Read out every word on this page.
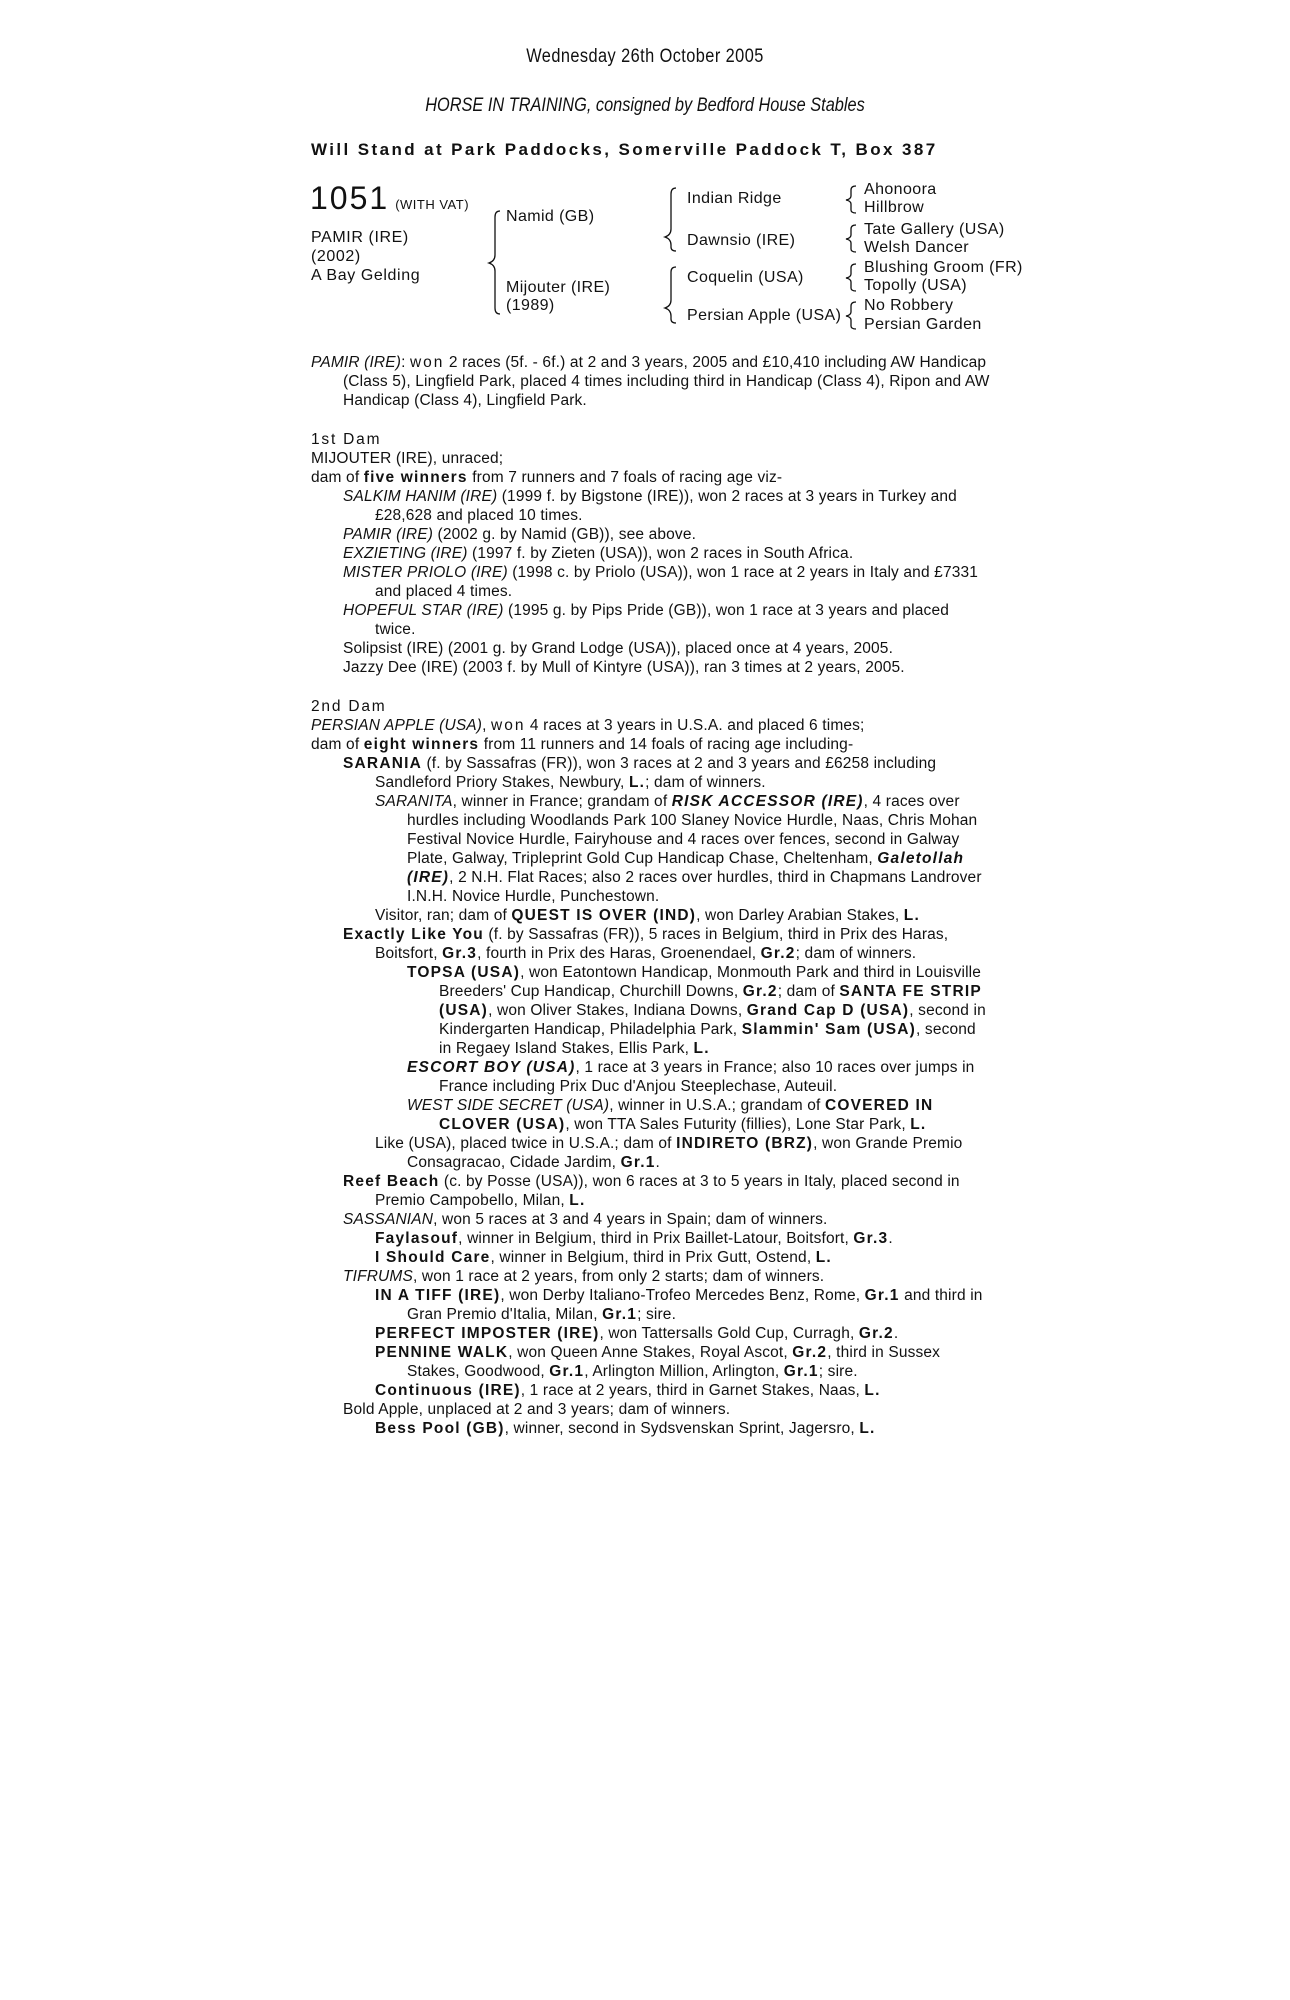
Wednesday 26th October 2005
HORSE IN TRAINING, consigned by Bedford House Stables
Will Stand at Park Paddocks, Somerville Paddock T, Box 387
1051 (WITH VAT)
PAMIR (IRE)
(2002)
A Bay Gelding
Namid (GB)
Mijouter (IRE)
(1989)
Indian Ridge
Dawnsio (IRE)
Coquelin (USA)
Persian Apple (USA)
Ahonoora
Hillbrow
Tate Gallery (USA)
Welsh Dancer
Blushing Groom (FR)
Topolly (USA)
No Robbery
Persian Garden

PAMIR (IRE): won 2 races (5f. - 6f.) at 2 and 3 years, 2005 and £10,410 including AW Handicap (Class 5), Lingfield Park, placed 4 times including third in Handicap (Class 4), Ripon and AW Handicap (Class 4), Lingfield Park.

1st Dam

MIJOUTER (IRE), unraced;

dam of five winners from 7 runners and 7 foals of racing age viz-

SALKIM HANIM (IRE) (1999 f. by Bigstone (IRE)), won 2 races at 3 years in Turkey and £28,628 and placed 10 times.

PAMIR (IRE) (2002 g. by Namid (GB)), see above.

EXZIETING (IRE) (1997 f. by Zieten (USA)), won 2 races in South Africa.

MISTER PRIOLO (IRE) (1998 c. by Priolo (USA)), won 1 race at 2 years in Italy and £7331 and placed 4 times.

HOPEFUL STAR (IRE) (1995 g. by Pips Pride (GB)), won 1 race at 3 years and placed twice.

Solipsist (IRE) (2001 g. by Grand Lodge (USA)), placed once at 4 years, 2005.

Jazzy Dee (IRE) (2003 f. by Mull of Kintyre (USA)), ran 3 times at 2 years, 2005.

2nd Dam

PERSIAN APPLE (USA), won 4 races at 3 years in U.S.A. and placed 6 times;

dam of eight winners from 11 runners and 14 foals of racing age including-

SARANIA (f. by Sassafras (FR)), won 3 races at 2 and 3 years and £6258 including Sandleford Priory Stakes, Newbury, L.; dam of winners.

SARANITA, winner in France; grandam of RISK ACCESSOR (IRE), 4 races over hurdles including Woodlands Park 100 Slaney Novice Hurdle, Naas, Chris Mohan Festival Novice Hurdle, Fairyhouse and 4 races over fences, second in Galway Plate, Galway, Tripleprint Gold Cup Handicap Chase, Cheltenham, Galetollah (IRE), 2 N.H. Flat Races; also 2 races over hurdles, third in Chapmans Landrover I.N.H. Novice Hurdle, Punchestown.

Visitor, ran; dam of QUEST IS OVER (IND), won Darley Arabian Stakes, L.

Exactly Like You (f. by Sassafras (FR)), 5 races in Belgium, third in Prix des Haras, Boitsfort, Gr.3, fourth in Prix des Haras, Groenendael, Gr.2; dam of winners.

TOPSA (USA), won Eatontown Handicap, Monmouth Park and third in Louisville Breeders' Cup Handicap, Churchill Downs, Gr.2; dam of SANTA FE STRIP (USA), won Oliver Stakes, Indiana Downs, Grand Cap D (USA), second in Kindergarten Handicap, Philadelphia Park, Slammin' Sam (USA), second in Regaey Island Stakes, Ellis Park, L.

ESCORT BOY (USA), 1 race at 3 years in France; also 10 races over jumps in France including Prix Duc d'Anjou Steeplechase, Auteuil.

WEST SIDE SECRET (USA), winner in U.S.A.; grandam of COVERED IN CLOVER (USA), won TTA Sales Futurity (fillies), Lone Star Park, L.

Like (USA), placed twice in U.S.A.; dam of INDIRETO (BRZ), won Grande Premio Consagracao, Cidade Jardim, Gr.1.

Reef Beach (c. by Posse (USA)), won 6 races at 3 to 5 years in Italy, placed second in Premio Campobello, Milan, L.

SASSANIAN, won 5 races at 3 and 4 years in Spain; dam of winners.

Faylasouf, winner in Belgium, third in Prix Baillet-Latour, Boitsfort, Gr.3.

I Should Care, winner in Belgium, third in Prix Gutt, Ostend, L.

TIFRUMS, won 1 race at 2 years, from only 2 starts; dam of winners.

IN A TIFF (IRE), won Derby Italiano-Trofeo Mercedes Benz, Rome, Gr.1 and third in Gran Premio d'Italia, Milan, Gr.1; sire.

PERFECT IMPOSTER (IRE), won Tattersalls Gold Cup, Curragh, Gr.2.

PENNINE WALK, won Queen Anne Stakes, Royal Ascot, Gr.2, third in Sussex Stakes, Goodwood, Gr.1, Arlington Million, Arlington, Gr.1; sire.

Continuous (IRE), 1 race at 2 years, third in Garnet Stakes, Naas, L.

Bold Apple, unplaced at 2 and 3 years; dam of winners.

Bess Pool (GB), winner, second in Sydsvenskan Sprint, Jagersro, L.
